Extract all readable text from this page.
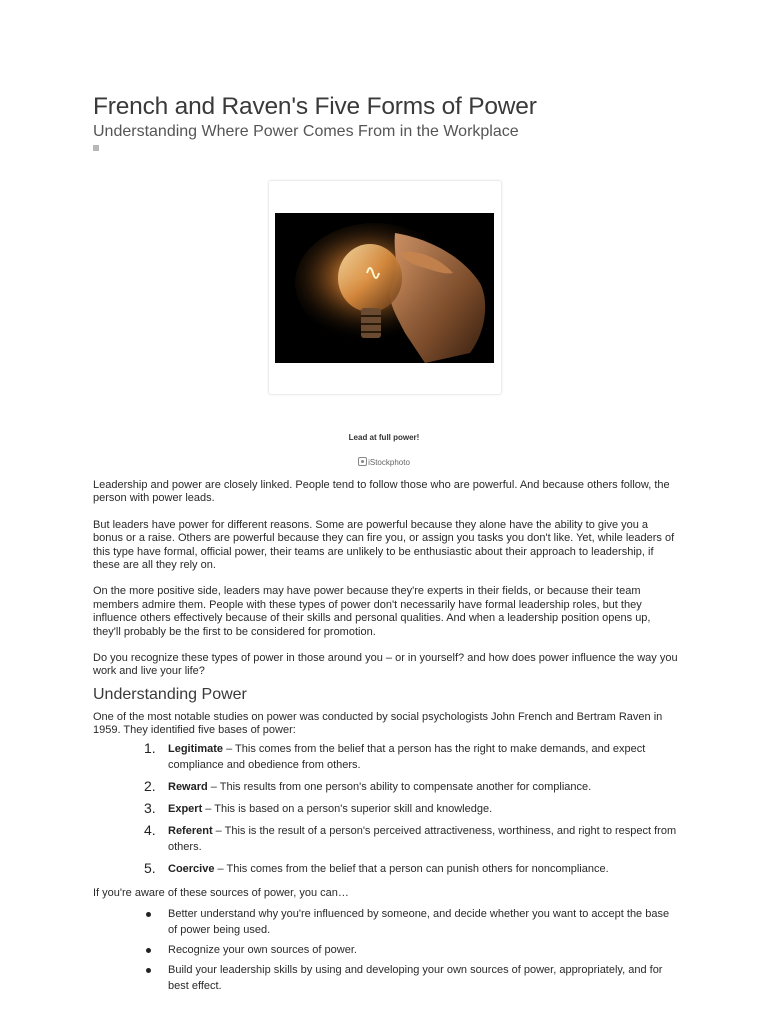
French and Raven's Five Forms of Power
Understanding Where Power Comes From in the Workplace
Lead at full power!
iStockphoto

Leadership and power are closely linked. People tend to follow those who are powerful. And because others follow, the person with power leads.

But leaders have power for different reasons. Some are powerful because they alone have the ability to give you a bonus or a raise. Others are powerful because they can fire you, or assign you tasks you don't like. Yet, while leaders of this type have formal, official power, their teams are unlikely to be enthusiastic about their approach to leadership, if these are all they rely on.

On the more positive side, leaders may have power because they're experts in their fields, or because their team members admire them. People with these types of power don't necessarily have formal leadership roles, but they influence others effectively because of their skills and personal qualities. And when a leadership position opens up, they'll probably be the first to be considered for promotion.

Do you recognize these types of power in those around you – or in yourself? and how does power influence the way you work and live your life?

Understanding Power

One of the most notable studies on power was conducted by social psychologists John French and Bertram Raven in 1959. They identified five bases of power:

1. Legitimate – This comes from the belief that a person has the right to make demands, and expect compliance and obedience from others.
2. Reward – This results from one person's ability to compensate another for compliance.
3. Expert – This is based on a person's superior skill and knowledge.
4. Referent – This is the result of a person's perceived attractiveness, worthiness, and right to respect from others.
5. Coercive – This comes from the belief that a person can punish others for noncompliance.

If you're aware of these sources of power, you can…

Better understand why you're influenced by someone, and decide whether you want to accept the base of power being used.
Recognize your own sources of power.
Build your leadership skills by using and developing your own sources of power, appropriately, and for best effect.
